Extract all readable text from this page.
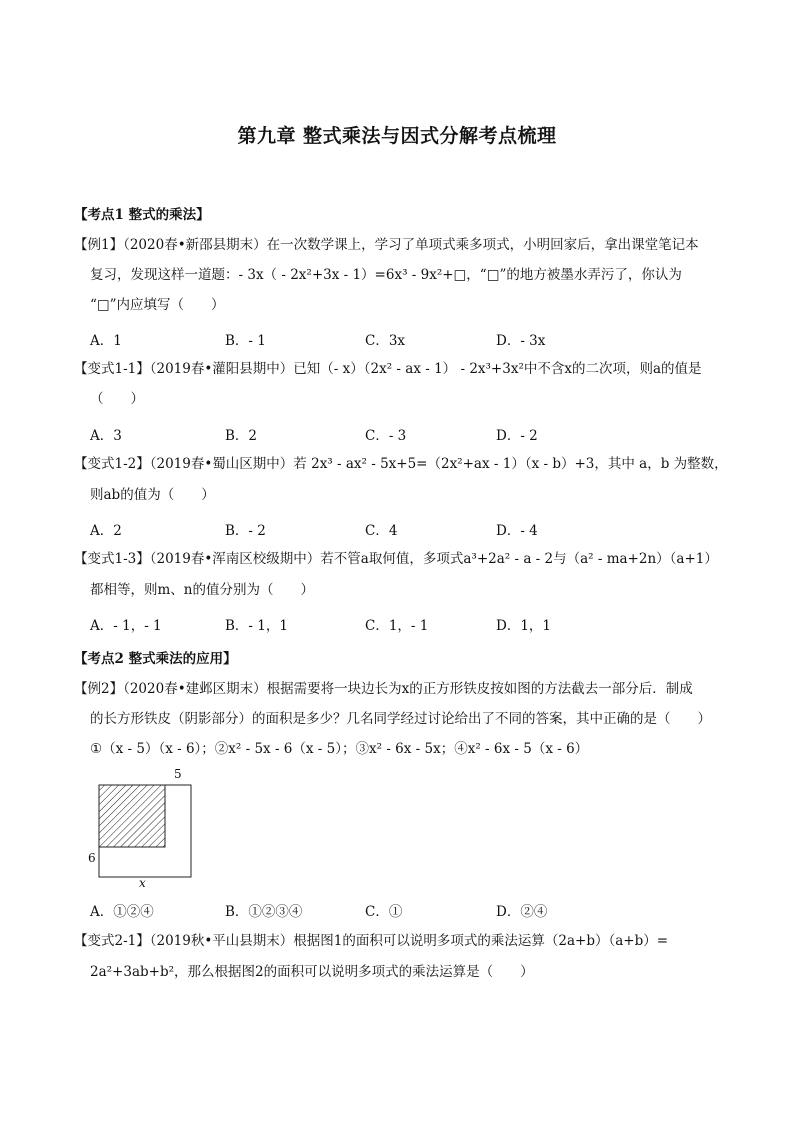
第九章 整式乘法与因式分解考点梳理
【考点1 整式的乘法】
【例1】（2020春•新邵县期末）在一次数学课上，学习了单项式乘多项式，小明回家后，拿出课堂笔记本
复习，发现这样一道题：- 3x（ - 2x²+3x - 1）=6x³ - 9x²+□，“□”的地方被墨水弄污了，你认为
“□”内应填写（　　）
A．1	B．- 1	C．3x	D．- 3x
【变式1-1】（2019春•灌阳县期中）已知（- x）（2x² - ax - 1） - 2x³+3x²中不含x的二次项，则a的值是
（　　）
A．3	B．2	C．- 3	D．- 2
【变式1-2】（2019春•蜀山区期中）若 2x³ - ax² - 5x+5=（2x²+ax - 1）（x - b）+3，其中 a，b 为整数，
则ab的值为（　　）
A．2	B．- 2	C．4	D．- 4
【变式1-3】（2019春•浑南区校级期中）若不管a取何值，多项式a³+2a² - a - 2与（a² - ma+2n）（a+1）
都相等，则m、n的值分别为（　　）
A．- 1，- 1	B．- 1，1	C．1，- 1	D．1，1
【考点2 整式乘法的应用】
【例2】（2020春•建邺区期末）根据需要将一块边长为x的正方形铁皮按如图的方法截去一部分后．制成
的长方形铁皮（阴影部分）的面积是多少？几名同学经过讨论给出了不同的答案，其中正确的是（　　）
①（x - 5）（x - 6）；②x² - 5x - 6（x - 5）；③x² - 6x - 5x；④x² - 6x - 5（x - 6）
5
6
x
A．①②④	B．①②③④	C．①	D．②④
【变式2-1】（2019秋•平山县期末）根据图1的面积可以说明多项式的乘法运算（2a+b）（a+b）=
2a²+3ab+b²，那么根据图2的面积可以说明多项式的乘法运算是（　　）
